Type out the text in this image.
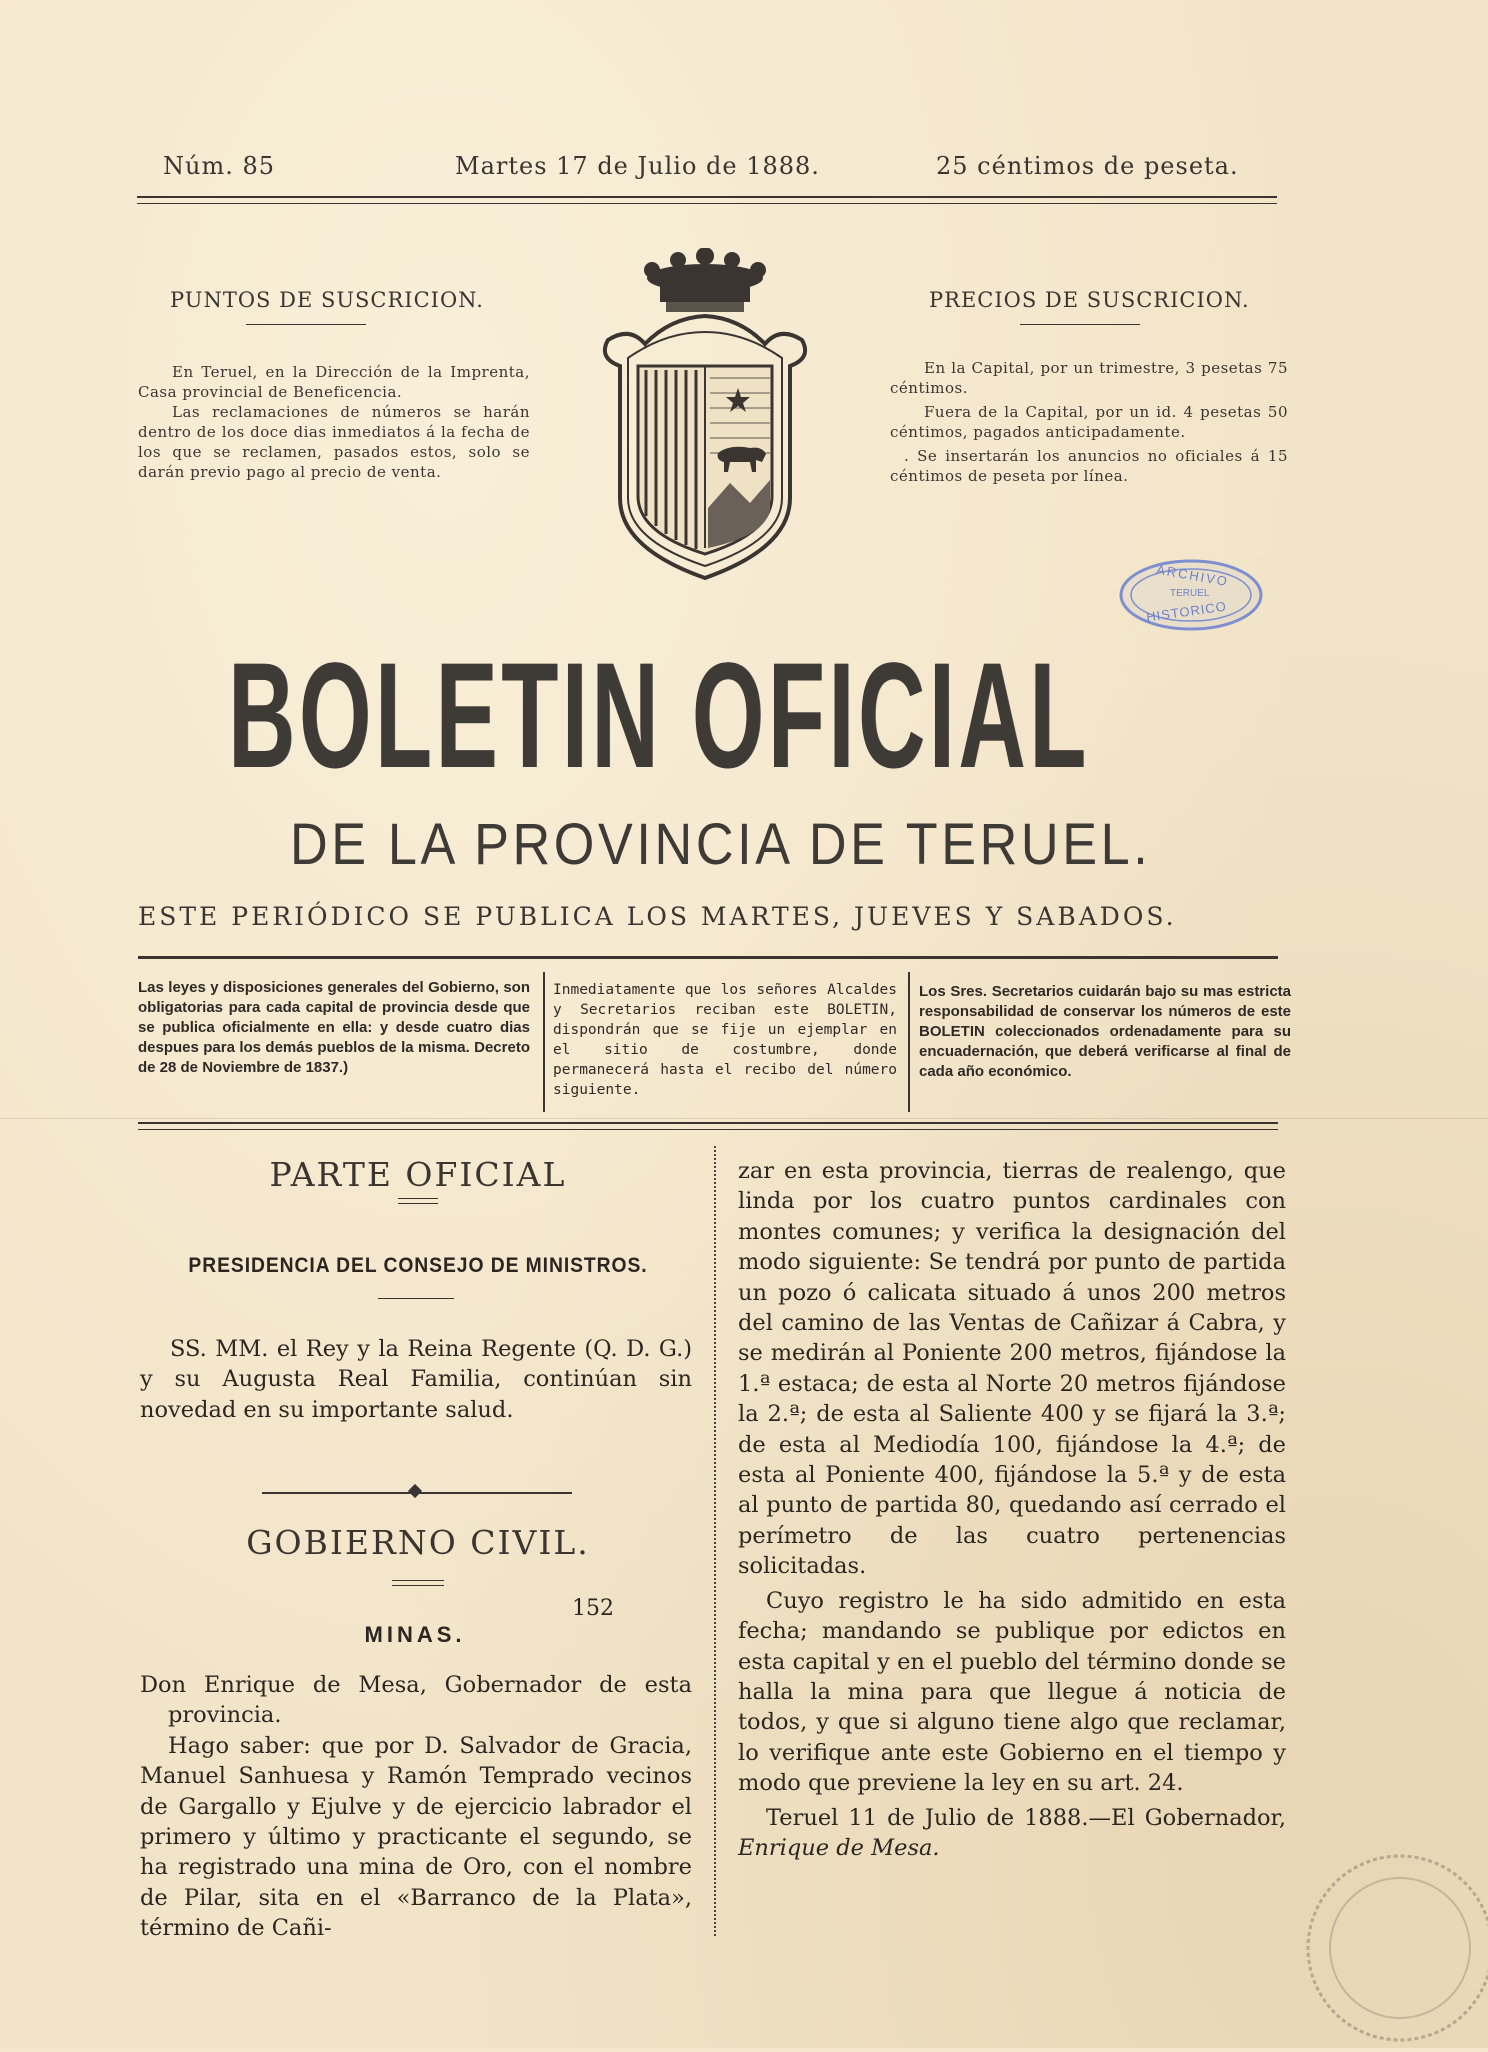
Núm. 85	Martes 17 de Julio de 1888.	25 céntimos de peseta.
PUNTOS DE SUSCRICION.

En Teruel, en la Dirección de la Imprenta, Casa provincial de Beneficencia.

Las reclamaciones de números se harán dentro de los doce dias inmediatos á la fecha de los que se reclamen, pasados estos, solo se darán previo pago al precio de venta.

PRECIOS DE SUSCRICION.

En la Capital, por un trimestre, 3 pesetas 75 céntimos.

Fuera de la Capital, por un id. 4 pesetas 50 céntimos, pagados anticipadamente.

. Se insertarán los anuncios no oficiales á 15 céntimos de peseta por línea.

ARCHIVO
TERUEL
HISTORICO
BOLETIN OFICIAL
DE LA PROVINCIA DE TERUEL.
ESTE PERIÓDICO SE PUBLICA LOS MARTES, JUEVES Y SABADOS.
Las leyes y disposiciones generales del Gobierno, son obligatorias para cada capital de provincia desde que se publica oficialmente en ella: y desde cuatro dias despues para los demás pueblos de la misma. Decreto de 28 de Noviembre de 1837.)
Inmediatamente que los señores Alcaldes y Secretarios reciban este BOLETIN, dispondrán que se fije un ejemplar en el sitio de costumbre, donde permanecerá hasta el recibo del número siguiente.
Los Sres. Secretarios cuidarán bajo su mas estricta responsabilidad de conservar los números de este BOLETIN coleccionados ordenadamente para su encuadernación, que deberá verificarse al final de cada año económico.
PARTE OFICIAL
PRESIDENCIA DEL CONSEJO DE MINISTROS.

SS. MM. el Rey y la Reina Regente (Q. D. G.) y su Augusta Real Familia, continúan sin novedad en su importante salud.

GOBIERNO CIVIL.
152
MINAS.

Don Enrique de Mesa, Gobernador de esta provincia.

Hago saber: que por D. Salvador de Gracia, Manuel Sanhuesa y Ramón Temprado vecinos de Gargallo y Ejulve y de ejercicio labrador el primero y último y practicante el segundo, se ha registrado una mina de Oro, con el nombre de Pilar, sita en el «Barranco de la Plata», término de Cañi-

zar en esta provincia, tierras de realengo, que linda por los cuatro puntos cardinales con montes comunes; y verifica la designación del modo siguiente: Se tendrá por punto de partida un pozo ó calicata situado á unos 200 metros del camino de las Ventas de Cañizar á Cabra, y se medirán al Poniente 200 metros, fijándose la 1.ª estaca; de esta al Norte 20 metros fijándose la 2.ª; de esta al Saliente 400 y se fijará la 3.ª; de esta al Mediodía 100, fijándose la 4.ª; de esta al Poniente 400, fijándose la 5.ª y de esta al punto de partida 80, quedando así cerrado el perímetro de las cuatro pertenencias solicitadas.

Cuyo registro le ha sido admitido en esta fecha; mandando se publique por edictos en esta capital y en el pueblo del término donde se halla la mina para que llegue á noticia de todos, y que si alguno tiene algo que reclamar, lo verifique ante este Gobierno en el tiempo y modo que previene la ley en su art. 24.

Teruel 11 de Julio de 1888.—El Gobernador, Enrique de Mesa.
